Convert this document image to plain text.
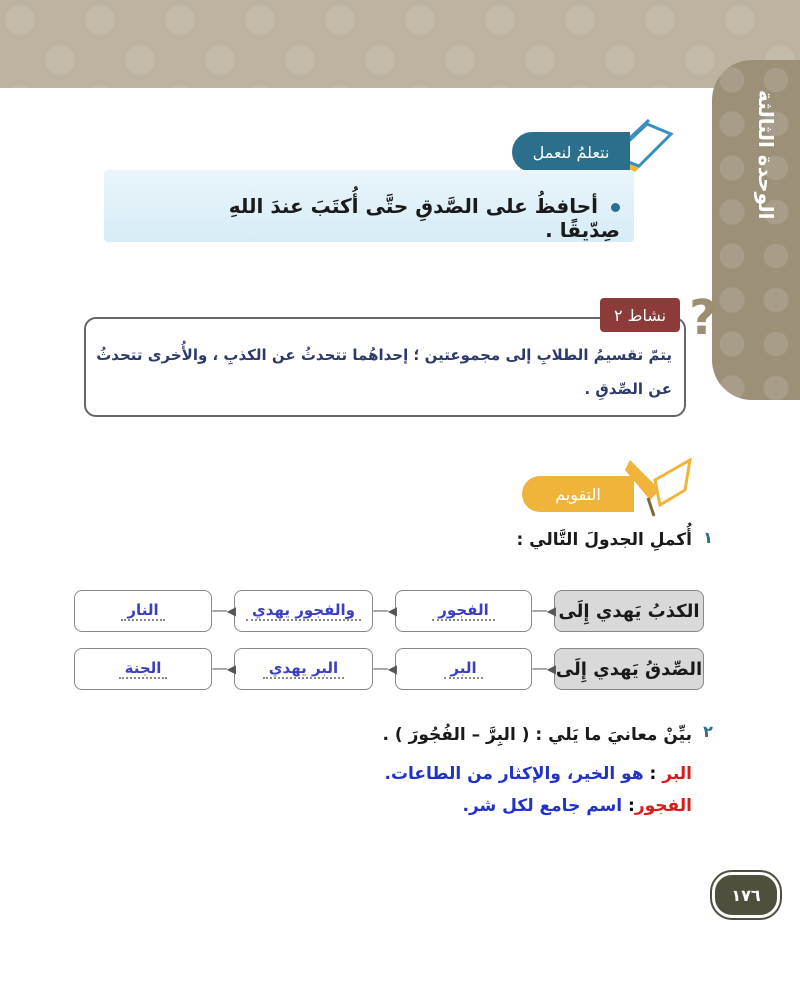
الوحدة الثالثة
نتعلمُ لنعمل
أحافظُ على الصَّدقِ حتَّى أُكتَبَ عندَ اللهِ صِدّيقًا .
نشاط ٢ ?
يتمّ تقسيمُ الطلابِ إلى مجموعتين ؛ إحداهُما تتحدثُ عن الكذبِ ، والأُخرى تتحدثُ عن الصِّدقِ .
التقويم
١
أُكملِ الجدولَ التَّالي :
الكذبُ يَهدي إِلَى
◀──
الفجور
◀──
والفجور يهدي
◀──
النار
الصِّدقُ يَهدي إِلَى
◀──
البر
◀──
البر يهدي
◀──
الجنة
٢
بيِّنْ معانيَ ما يَلي : ( البِرَّ – الفُجُورَ ) .
البر : هو الخير، والإكثار من الطاعات.
الفجور: اسم جامع لكل شر.
١٧٦
